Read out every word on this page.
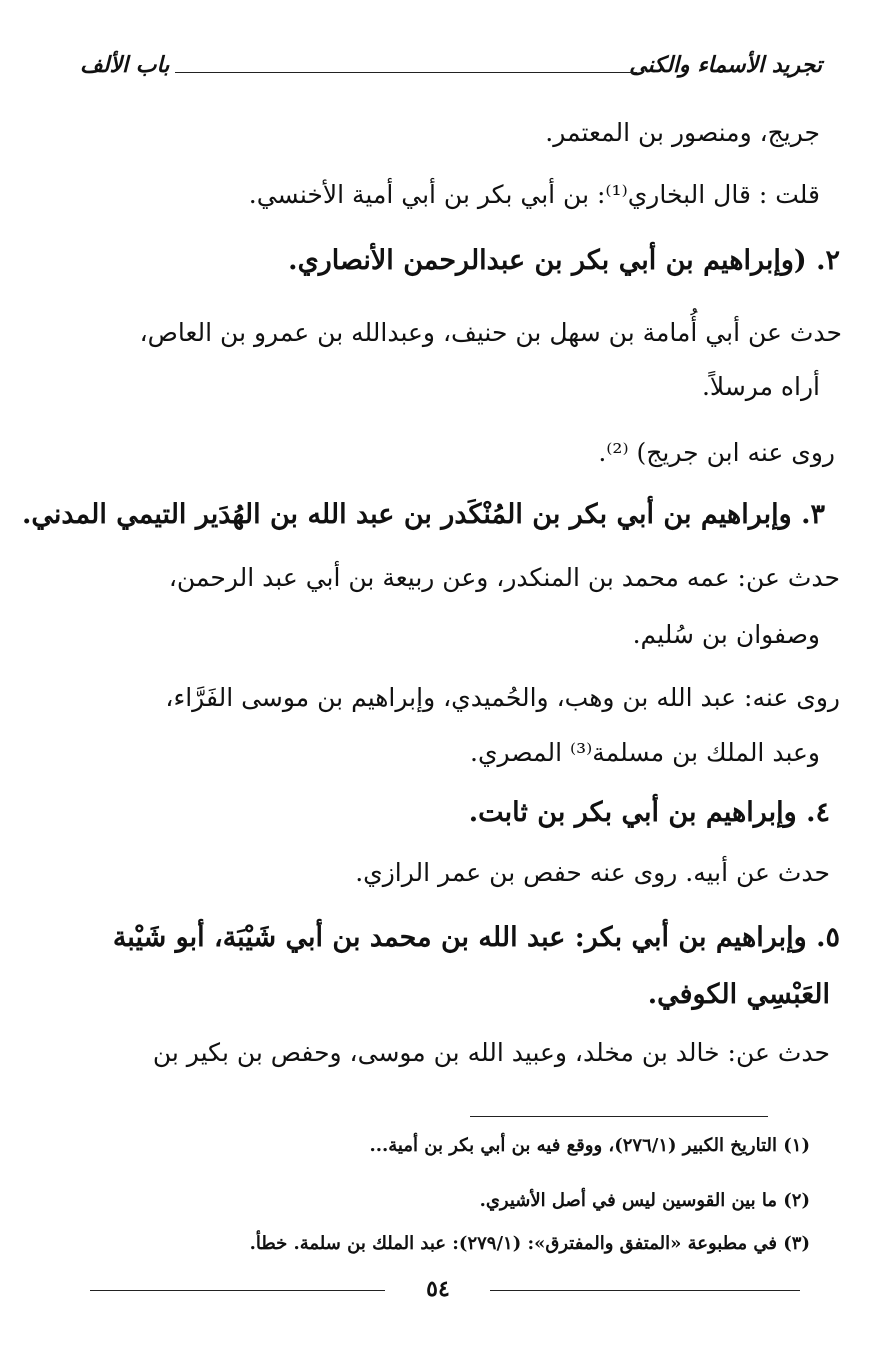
تجريد الأسماء والكنى
باب الألف
جريج، ومنصور بن المعتمر.
قلت : قال البخاري⁽¹⁾: بن أبي بكر بن أبي أمية الأخنسي.
٢. (وإبراهيم بن أبي بكر بن عبدالرحمن الأنصاري.
حدث عن أبي أُمامة بن سهل بن حنيف، وعبدالله بن عمرو بن العاص،
أراه مرسلاً.
روى عنه ابن جريج) ⁽²⁾.
٣. وإبراهيم بن أبي بكر بن المُنْكَدر بن عبد الله بن الهُدَير التيمي المدني.
حدث عن: عمه محمد بن المنكدر، وعن ربيعة بن أبي عبد الرحمن،
وصفوان بن سُليم.
روى عنه: عبد الله بن وهب، والحُميدي، وإبراهيم بن موسى الفَرَّاء،
وعبد الملك بن مسلمة⁽³⁾ المصري.
٤. وإبراهيم بن أبي بكر بن ثابت.
حدث عن أبيه. روى عنه حفص بن عمر الرازي.
٥. وإبراهيم بن أبي بكر: عبد الله بن محمد بن أبي شَيْبَة، أبو شَيْبة
العَبْسِي الكوفي.
حدث عن: خالد بن مخلد، وعبيد الله بن موسى، وحفص بن بكير بن
(١) التاريخ الكبير (٢٧٦/١)، ووقع فيه بن أبي بكر بن أمية...
(٢) ما بين القوسين ليس في أصل الأشيري.
(٣) في مطبوعة «المتفق والمفترق»: (٢٧٩/١): عبد الملك بن سلمة. خطأ.
٥٤
